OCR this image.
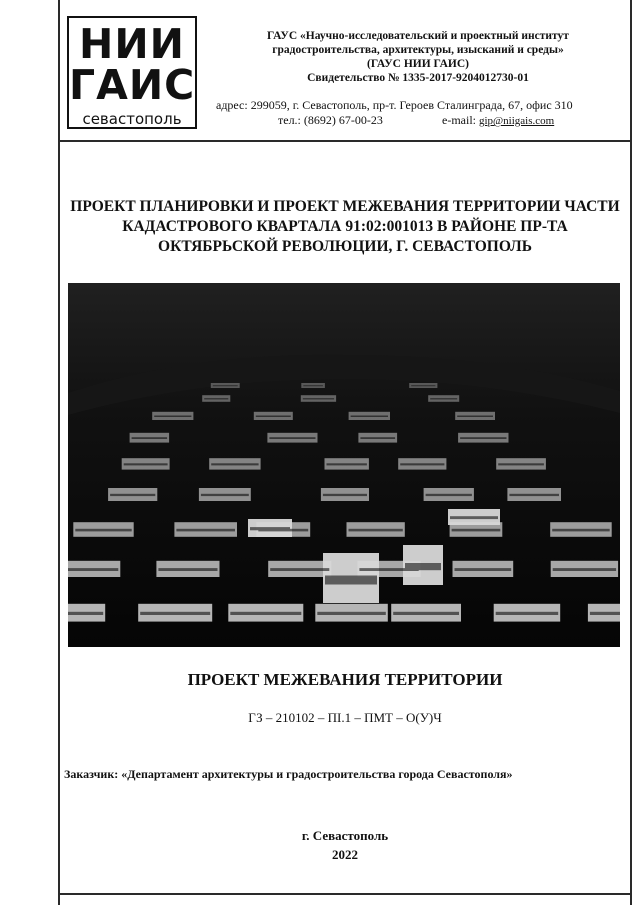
НИИ
ГАИС
севастополь
ГАУС «Научно-исследовательский и проектный институт
градостроительства, архитектуры, изысканий и среды»
(ГАУС НИИ ГАИС)
Свидетельство № 1335-2017-9204012730-01
адрес: 299059, г. Севастополь, пр-т. Героев Сталинграда, 67, офис 310
тел.: (8692) 67-00-23	e-mail: gip@niigais.com
ПРОЕКТ ПЛАНИРОВКИ И ПРОЕКТ МЕЖЕВАНИЯ ТЕРРИТОРИИ ЧАСТИ
КАДАСТРОВОГО КВАРТАЛА 91:02:001013 В РАЙОНЕ ПР-ТА
ОКТЯБРЬСКОЙ РЕВОЛЮЦИИ, Г. СЕВАСТОПОЛЬ
ПРОЕКТ МЕЖЕВАНИЯ ТЕРРИТОРИИ
ГЗ – 210102 – ПI.1 – ПМТ – О(У)Ч
Заказчик: «Департамент архитектуры и градостроительства города Севастополя»
г. Севастополь
2022
